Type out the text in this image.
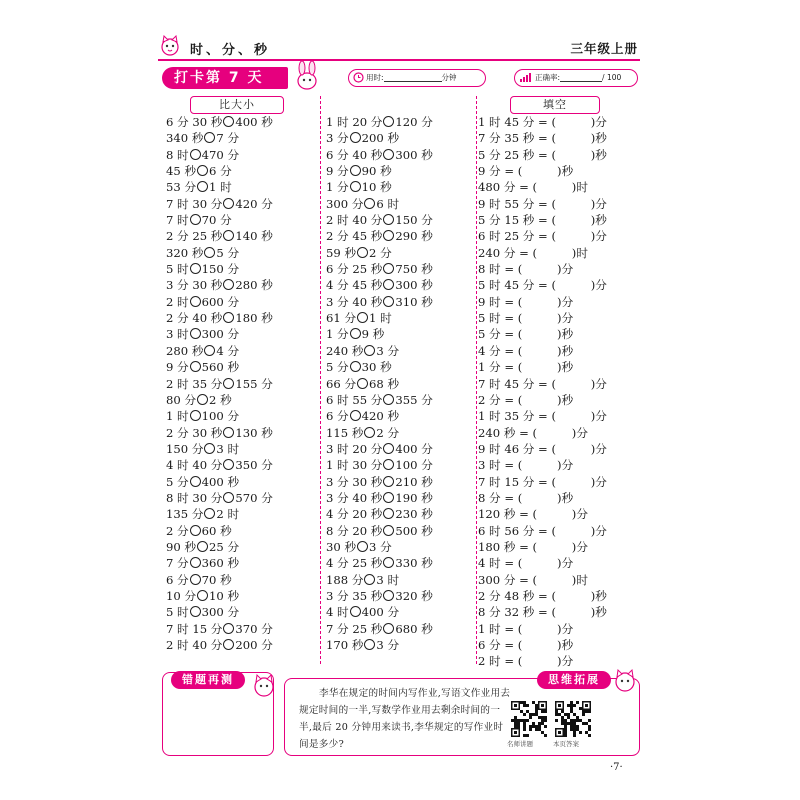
时、分、秒	三年级上册
打卡第 7 天	用时:	分钟	正确率:	/ 100
比大小
6 分 30 秒 400 秒
340 秒 7 分
8 时 470 分
45 秒 6 分
53 分 1 时
7 时 30 分 420 分
7 时 70 分
2 分 25 秒 140 秒
320 秒 5 分
5 时 150 分
3 分 30 秒 280 秒
2 时 600 分
2 分 40 秒 180 秒
3 时 300 分
280 秒 4 分
9 分 560 秒
2 时 35 分 155 分
80 分 2 秒
1 时 100 分
2 分 30 秒 130 秒
150 分 3 时
4 时 40 分 350 分
5 分 400 秒
8 时 30 分 570 分
135 分 2 时
2 分 60 秒
90 秒 25 分
7 分 360 秒
6 分 70 秒
10 分 10 秒
5 时 300 分
7 时 15 分 370 分
2 时 40 分 200 分
1 时 20 分 120 分
3 分 200 秒
6 分 40 秒 300 秒
9 分 90 秒
1 分 10 秒
300 分 6 时
2 时 40 分 150 分
2 分 45 秒 290 秒
59 秒 2 分
6 分 25 秒 750 秒
4 分 45 秒 300 秒
3 分 40 秒 310 秒
61 分 1 时
1 分 9 秒
240 秒 3 分
5 分 30 秒
66 分 68 秒
6 时 55 分 355 分
6 分 420 秒
115 秒 2 分
3 时 20 分 400 分
1 时 30 分 100 分
3 分 30 秒 210 秒
3 分 40 秒 190 秒
4 分 20 秒 230 秒
8 分 20 秒 500 秒
30 秒 3 分
4 分 25 秒 330 秒
188 分 3 时
3 分 35 秒 320 秒
4 时 400 分
7 分 25 秒 680 秒
170 秒 3 分
填空
1 时 45 分 = (　　　)分
7 分 35 秒 = (　　　)秒
5 分 25 秒 = (　　　)秒
9 分 = (　　　)秒
480 分 = (　　　)时
9 时 55 分 = (　　　)分
5 分 15 秒 = (　　　)秒
6 时 25 分 = (　　　)分
240 分 = (　　　)时
8 时 = (　　　)分
5 时 45 分 = (　　　)分
9 时 = (　　　)分
5 时 = (　　　)分
5 分 = (　　　)秒
4 分 = (　　　)秒
1 分 = (　　　)秒
7 时 45 分 = (　　　)分
2 分 = (　　　)秒
1 时 35 分 = (　　　)分
240 秒 = (　　　)分
9 时 46 分 = (　　　)分
3 时 = (　　　)分
7 时 15 分 = (　　　)分
8 分 = (　　　)秒
120 秒 = (　　　)分
6 时 56 分 = (　　　)分
180 秒 = (　　　)分
4 时 = (　　　)分
300 分 = (　　　)时
2 分 48 秒 = (　　　)秒
8 分 32 秒 = (　　　)秒
1 时 = (　　　)分
6 分 = (　　　)秒
2 时 = (　　　)分
错题再测	思维拓展
李华在规定的时间内写作业,写语文作业用去规定时间的一半,写数学作业用去剩余时间的一半,最后 20 分钟用来读书,李华规定的写作业时间是多少?	名师讲题	本页答案
·7·
